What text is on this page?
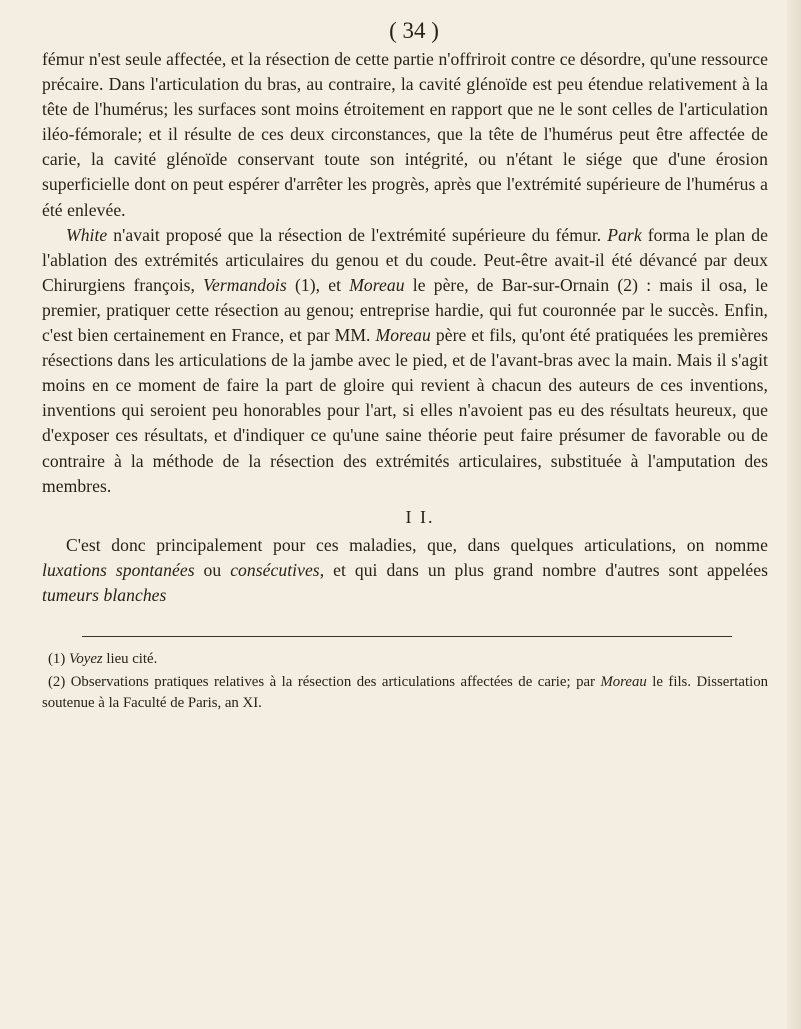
( 34 )

fémur n'est seule affectée, et la résection de cette partie n'offriroit contre ce désordre, qu'une ressource précaire. Dans l'articulation du bras, au contraire, la cavité glénoïde est peu étendue relativement à la tête de l'humérus; les surfaces sont moins étroitement en rapport que ne le sont celles de l'articulation iléo-fémorale; et il résulte de ces deux circonstances, que la tête de l'humérus peut être affectée de carie, la cavité glénoïde conservant toute son intégrité, ou n'étant le siége que d'une érosion superficielle dont on peut espérer d'arrêter les progrès, après que l'extrémité supérieure de l'humérus a été enlevée.

White n'avait proposé que la résection de l'extrémité supérieure du fémur. Park forma le plan de l'ablation des extrémités articulaires du genou et du coude. Peut-être avait-il été dévancé par deux Chirurgiens françois, Vermandois (1), et Moreau le père, de Bar-sur-Ornain (2) : mais il osa, le premier, pratiquer cette résection au genou; entreprise hardie, qui fut couronnée par le succès. Enfin, c'est bien certainement en France, et par MM. Moreau père et fils, qu'ont été pratiquées les premières résections dans les articulations de la jambe avec le pied, et de l'avant-bras avec la main. Mais il s'agit moins en ce moment de faire la part de gloire qui revient à chacun des auteurs de ces inventions, inventions qui seroient peu honorables pour l'art, si elles n'avoient pas eu des résultats heureux, que d'exposer ces résultats, et d'indiquer ce qu'une saine théorie peut faire présumer de favorable ou de contraire à la méthode de la résection des extrémités articulaires, substituée à l'amputation des membres.

I I.

C'est donc principalement pour ces maladies, que, dans quelques articulations, on nomme luxations spontanées ou consécutives, et qui dans un plus grand nombre d'autres sont appelées tumeurs blanches

(1) Voyez lieu cité.

(2) Observations pratiques relatives à la résection des articulations affectées de carie; par Moreau le fils. Dissertation soutenue à la Faculté de Paris, an XI.
